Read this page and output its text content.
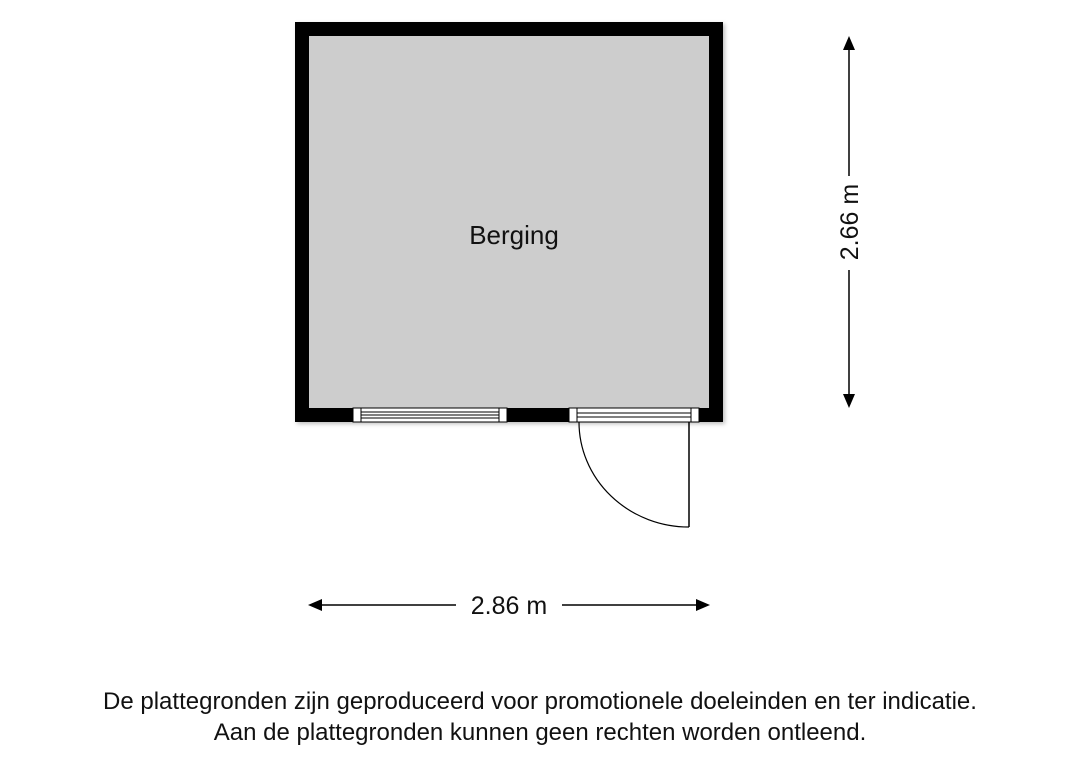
Berging	2.66 m
2.86 m
De plattegronden zijn geproduceerd voor promotionele doeleinden en ter indicatie.
Aan de plattegronden kunnen geen rechten worden ontleend.
